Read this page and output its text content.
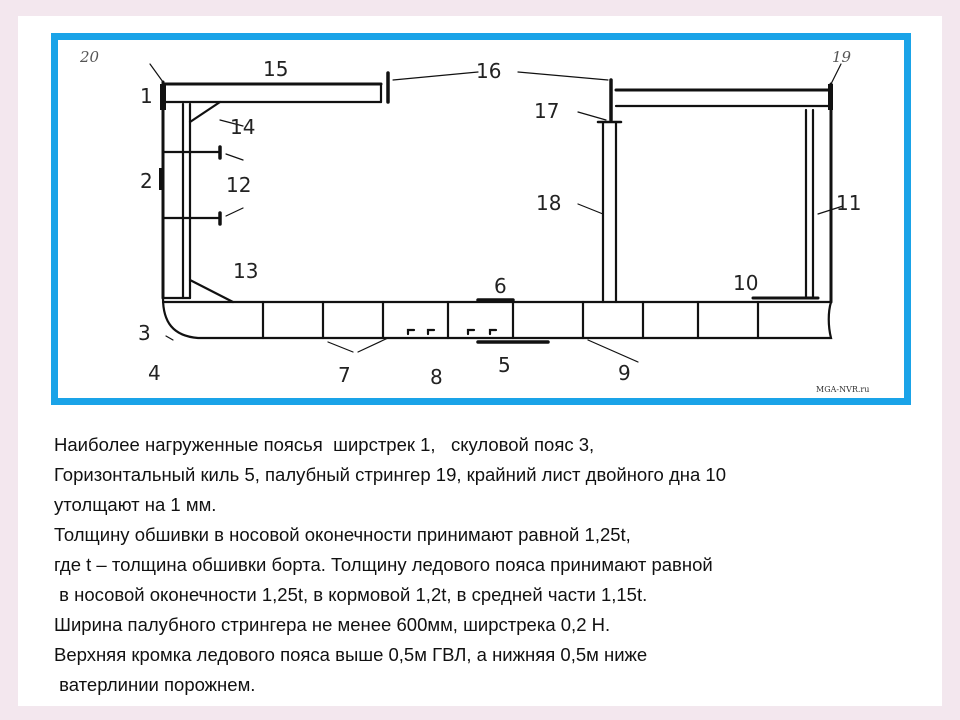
1
2
3
4	5
6
7	8	9
10
11
12
13
14
15	16
17
18
19
20
MGA-NVR.ru
Наиболее нагруженные поясья  ширстрек 1,   скуловой пояс 3,
Горизонтальный киль 5, палубный стрингер 19, крайний лист двойного дна 10
утолщают на 1 мм.
Толщину обшивки в носовой оконечности принимают равной 1,25t,
где t – толщина обшивки борта. Толщину ледового пояса принимают равной
в носовой оконечности 1,25t, в кормовой 1,2t, в средней части 1,15t.
Ширина палубного стрингера не менее 600мм, ширстрека 0,2 Н.
Верхняя кромка ледового пояса выше 0,5м ГВЛ, а нижняя 0,5м ниже
ватерлинии порожнем.
